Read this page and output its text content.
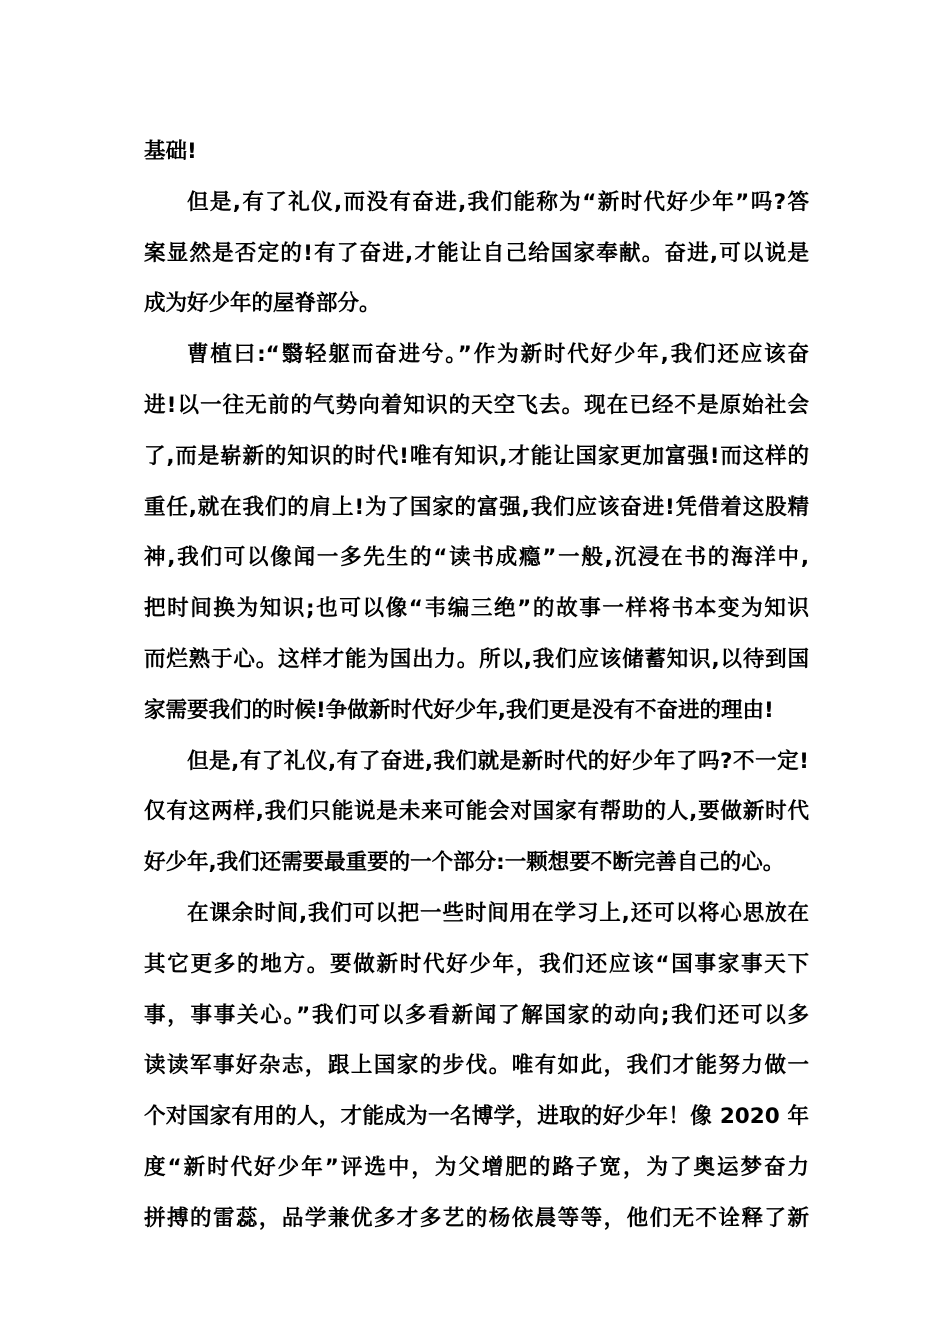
基础!
但是,有了礼仪,而没有奋进,我们能称为“新时代好少年”吗?答
案显然是否定的!有了奋进,才能让自己给国家奉献。奋进,可以说是
成为好少年的屋脊部分。
曹植曰:“翳轻躯而奋进兮。”作为新时代好少年,我们还应该奋
进!以一往无前的气势向着知识的天空飞去。现在已经不是原始社会
了,而是崭新的知识的时代!唯有知识,才能让国家更加富强!而这样的
重任,就在我们的肩上!为了国家的富强,我们应该奋进!凭借着这股精
神,我们可以像闻一多先生的“读书成瘾”一般,沉浸在书的海洋中,
把时间换为知识;也可以像“韦编三绝”的故事一样将书本变为知识
而烂熟于心。这样才能为国出力。所以,我们应该储蓄知识,以待到国
家需要我们的时候!争做新时代好少年,我们更是没有不奋进的理由!
但是,有了礼仪,有了奋进,我们就是新时代的好少年了吗?不一定!
仅有这两样,我们只能说是未来可能会对国家有帮助的人,要做新时代
好少年,我们还需要最重要的一个部分:一颗想要不断完善自己的心。
在课余时间,我们可以把一些时间用在学习上,还可以将心思放在
其它更多的地方。要做新时代好少年，我们还应该“国事家事天下
事，事事关心。”我们可以多看新闻了解国家的动向;我们还可以多
读读军事好杂志，跟上国家的步伐。唯有如此，我们才能努力做一
个对国家有用的人，才能成为一名博学，进取的好少年！像 2020 年
度“新时代好少年”评选中，为父增肥的路子宽，为了奥运梦奋力
拼搏的雷蕊，品学兼优多才多艺的杨依晨等等，他们无不诠释了新
